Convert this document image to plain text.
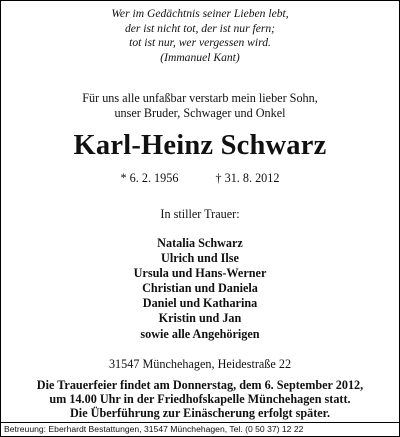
Wer im Gedächtnis seiner Lieben lebt,
der ist nicht tot, der ist nur fern;
tot ist nur, wer vergessen wird.
(Immanuel Kant)
Für uns alle unfaßbar verstarb mein lieber Sohn,
unser Bruder, Schwager und Onkel
Karl-Heinz Schwarz
* 6. 2. 1956	† 31. 8. 2012
In stiller Trauer:
Natalia Schwarz
Ulrich und Ilse
Ursula und Hans-Werner
Christian und Daniela
Daniel und Katharina
Kristin und Jan
sowie alle Angehörigen
31547 Münchehagen, Heidestraße 22
Die Trauerfeier findet am Donnerstag, dem 6. September 2012,
um 14.00 Uhr in der Friedhofskapelle Münchehagen statt.
Die Überführung zur Einäscherung erfolgt später.
Betreuung: Eberhardt Bestattungen, 31547 Münchehagen, Tel. (0 50 37) 12 22
